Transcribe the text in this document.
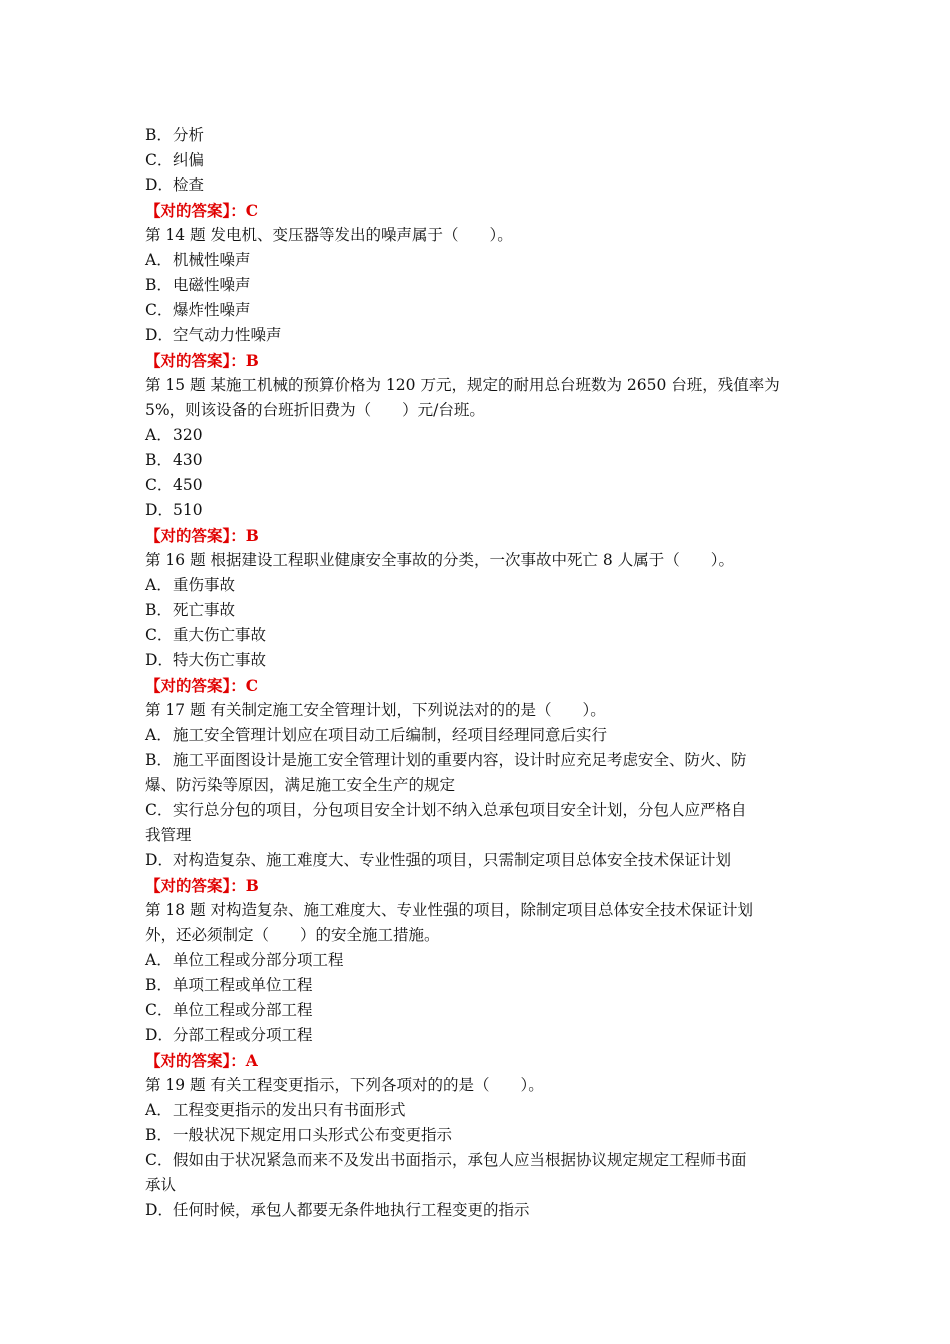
B．分析
C．纠偏
D．检查
【对的答案】：C
第 14 题 发电机、变压器等发出的噪声属于（　　）。
A．机械性噪声
B．电磁性噪声
C．爆炸性噪声
D．空气动力性噪声
【对的答案】：B
第 15 题 某施工机械的预算价格为 120 万元，规定的耐用总台班数为 2650 台班，残值率为
5%，则该设备的台班折旧费为（　　）元/台班。
A．320
B．430
C．450
D．510
【对的答案】：B
第 16 题 根据建设工程职业健康安全事故的分类，一次事故中死亡 8 人属于（　　）。
A．重伤事故
B．死亡事故
C．重大伤亡事故
D．特大伤亡事故
【对的答案】：C
第 17 题 有关制定施工安全管理计划，下列说法对的的是（　　）。
A．施工安全管理计划应在项目动工后编制，经项目经理同意后实行
B．施工平面图设计是施工安全管理计划的重要内容，设计时应充足考虑安全、防火、防
爆、防污染等原因，满足施工安全生产的规定
C．实行总分包的项目，分包项目安全计划不纳入总承包项目安全计划，分包人应严格自
我管理
D．对构造复杂、施工难度大、专业性强的项目，只需制定项目总体安全技术保证计划
【对的答案】：B
第 18 题 对构造复杂、施工难度大、专业性强的项目，除制定项目总体安全技术保证计划
外，还必须制定（　　）的安全施工措施。
A．单位工程或分部分项工程
B．单项工程或单位工程
C．单位工程或分部工程
D．分部工程或分项工程
【对的答案】：A
第 19 题 有关工程变更指示，下列各项对的的是（　　）。
A．工程变更指示的发出只有书面形式
B．一般状况下规定用口头形式公布变更指示
C．假如由于状况紧急而来不及发出书面指示，承包人应当根据协议规定规定工程师书面
承认
D．任何时候，承包人都要无条件地执行工程变更的指示
